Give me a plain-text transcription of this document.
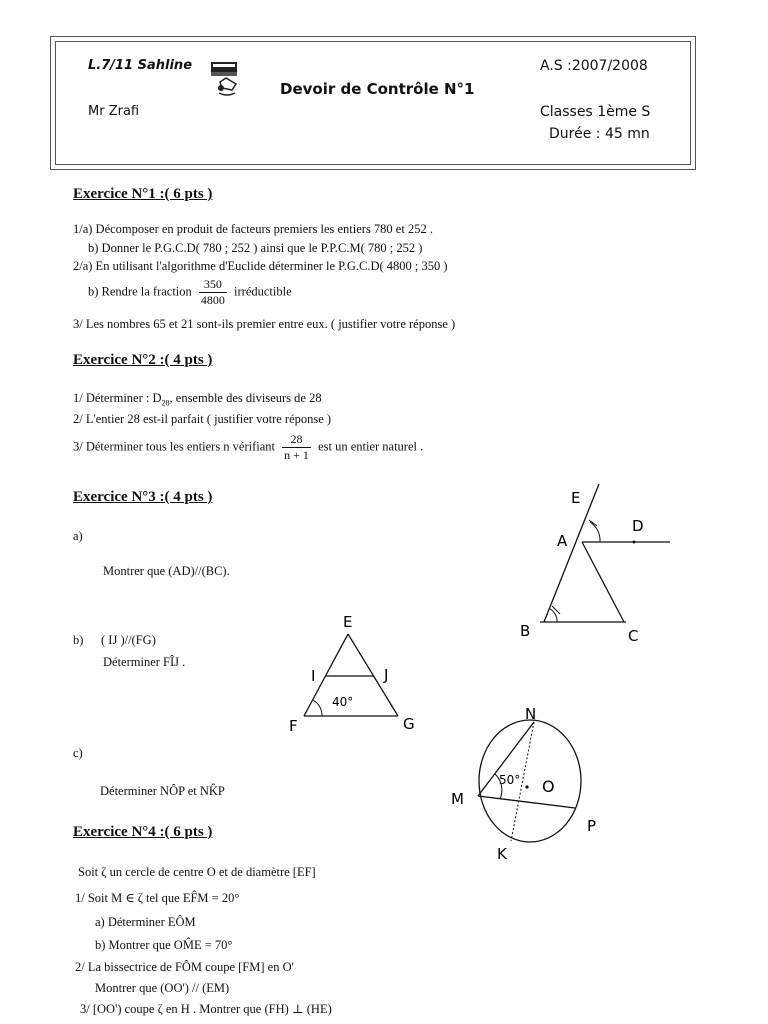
L.7/11 Sahline
Mr Zrafi
Devoir de Contrôle N°1
A.S :2007/2008
Classes 1ème S
Durée : 45 mn
Exercice N°1 :( 6 pts )
1/a) Décomposer en produit de facteurs premiers les entiers 780 et 252 .
b) Donner le P.G.C.D( 780 ; 252 ) ainsi que le P.P.C.M( 780 ; 252 )
2/a) En utilisant l'algorithme d'Euclide déterminer le P.G.C.D( 4800 ; 350 )
b) Rendre la fraction $\frac{350}{4800}$ irréductible
3/ Les nombres 65 et 21 sont-ils premier entre eux. ( justifier votre réponse )
Exercice N°2 :( 4 pts )
1/ Déterminer : $D_{28}$, ensemble des diviseurs de 28
2/ L'entier 28 est-il parfait ( justifier votre réponse )
3/ Déterminer tous les entiers n vérifiant $\frac{28}{n + 1}$ est un entier naturel .
Exercice N°3 :( 4 pts )
a)
Montrer que (AD)//(BC).
b) ( IJ )//(FG)
Déterminer FÎJ .
c)
Déterminer NÔP et NK̂P
E
D
A
B	C
E
I	J
F	G
40°
N
O
M
P
K
50°
Exercice N°4 :( 6 pts )
Soit ζ un cercle de centre O et de diamètre [EF]
1/ Soit M ∈ ζ tel que EF̂M = 20°
a) Déterminer EÔM
b) Montrer que OM̂E = 70°
2/ La bissectrice de FÔM coupe [FM] en O'
Montrer que (OO') // (EM)
3/ [OO') coupe ζ en H . Montrer que (FH) ⊥ (HE)
